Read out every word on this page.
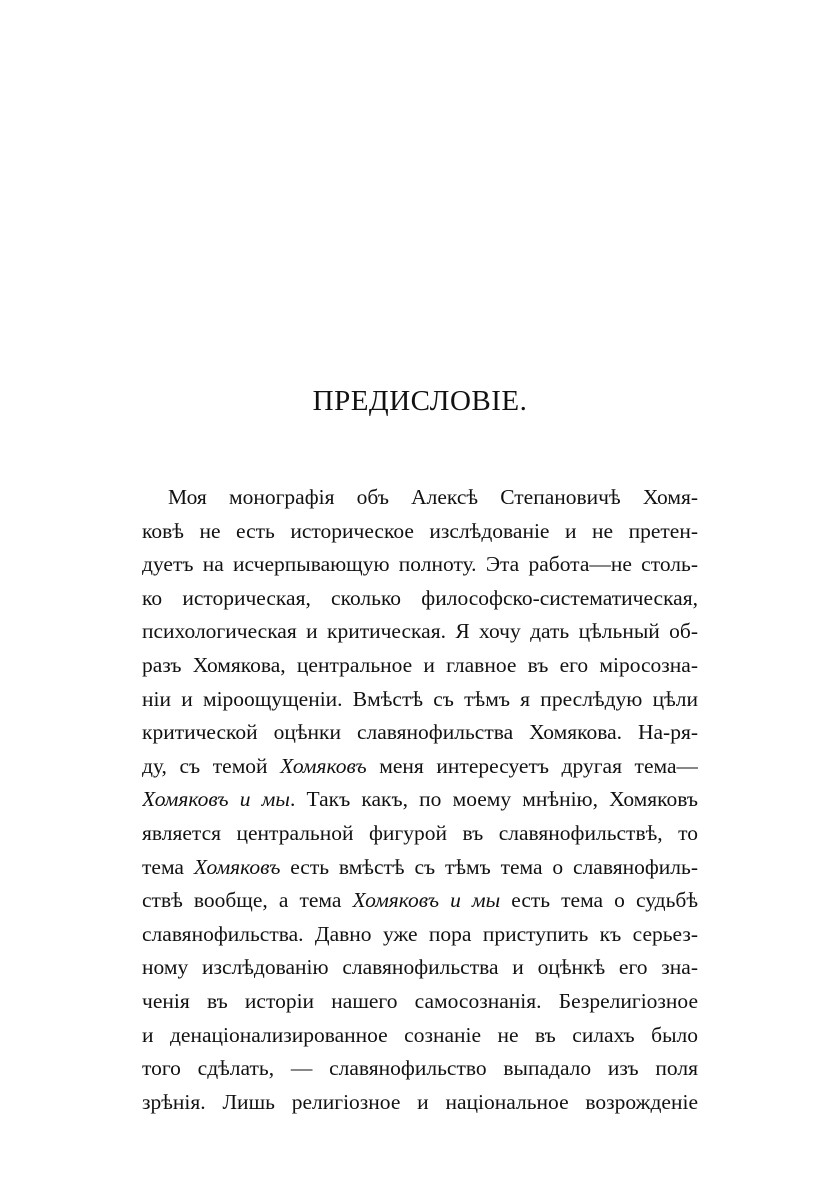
ПРЕДИСЛОВІЕ.
Моя монографія объ Алексѣ Степановичѣ Хомя-
ковѣ не есть историческое изслѣдованіе и не претен-
дуетъ на исчерпывающую полноту. Эта работа—не столь-
ко историческая, сколько философско-систематическая,
психологическая и критическая. Я хочу дать цѣльный об-
разъ Хомякова, центральное и главное въ его міросозна-
ніи и міроощущеніи. Вмѣстѣ съ тѣмъ я преслѣдую цѣли
критической оцѣнки славянофильства Хомякова. На-ря-
ду, съ темой Хомяковъ меня интересуетъ другая тема—
Хомяковъ и мы. Такъ какъ, по моему мнѣнію, Хомяковъ
является центральной фигурой въ славянофильствѣ, то
тема Хомяковъ есть вмѣстѣ съ тѣмъ тема о славянофиль-
ствѣ вообще, а тема Хомяковъ и мы есть тема о судьбѣ
славянофильства. Давно уже пора приступить къ серьез-
ному изслѣдованію славянофильства и оцѣнкѣ его зна-
ченія въ исторіи нашего самосознанія. Безрелигіозное
и денаціонализированное сознаніе не въ силахъ было
того сдѣлать, — славянофильство выпадало изъ поля
зрѣнія. Лишь религіозное и національное возрожденіе
